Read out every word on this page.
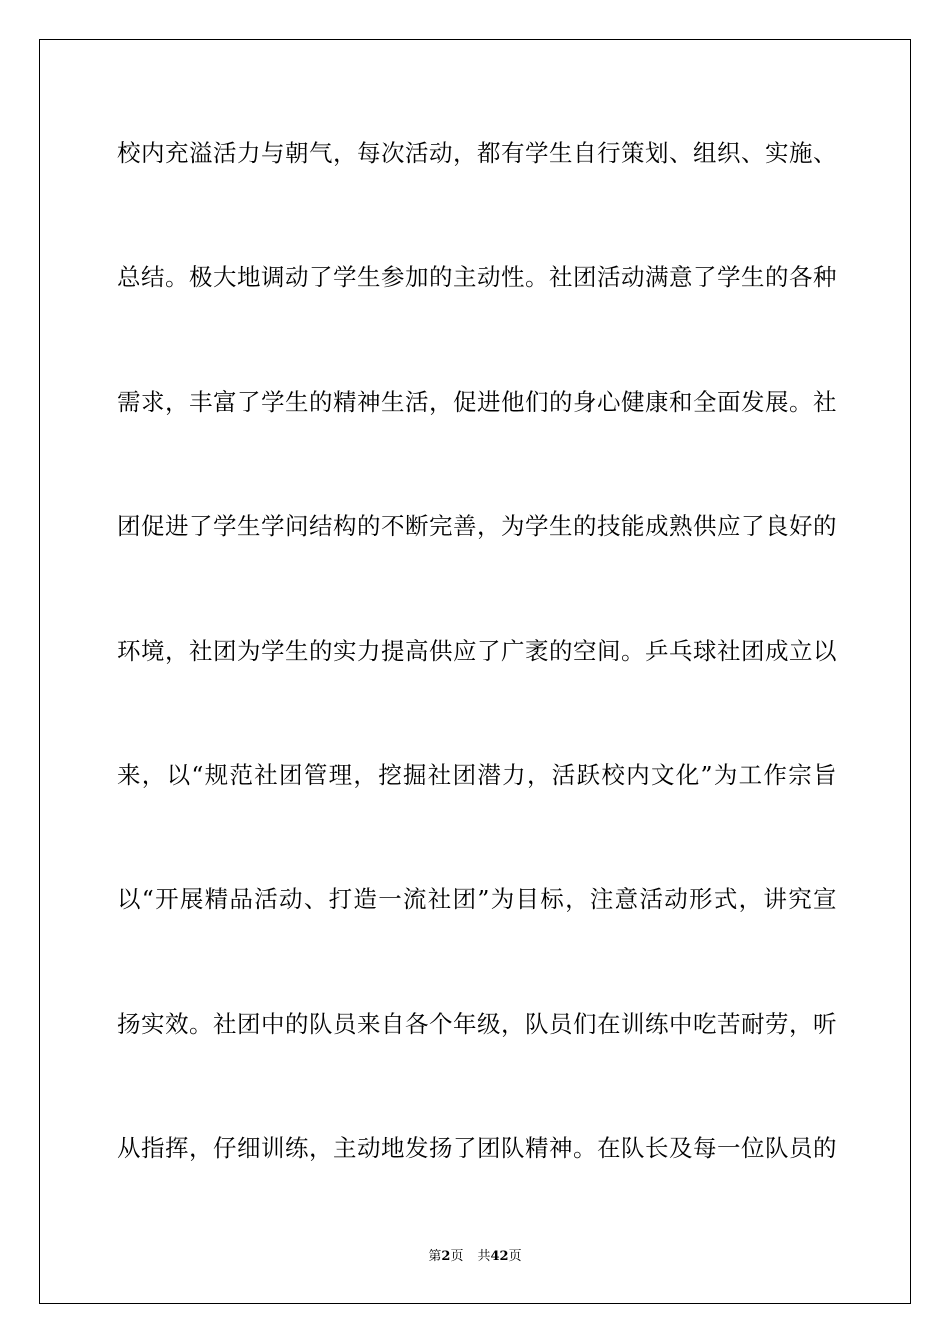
校内充溢活力与朝气，每次活动，都有学生自行策划、组织、实施、
总结。极大地调动了学生参加的主动性。社团活动满意了学生的各种
需求，丰富了学生的精神生活，促进他们的身心健康和全面发展。社
团促进了学生学问结构的不断完善，为学生的技能成熟供应了良好的
环境，社团为学生的实力提高供应了广袤的空间。乒乓球社团成立以
来，以“规范社团管理，挖掘社团潜力，活跃校内文化”为工作宗旨
以“开展精品活动、打造一流社团”为目标，注意活动形式，讲究宣
扬实效。社团中的队员来自各个年级，队员们在训练中吃苦耐劳，听
从指挥，仔细训练，主动地发扬了团队精神。在队长及每一位队员的
第2页 共42页
